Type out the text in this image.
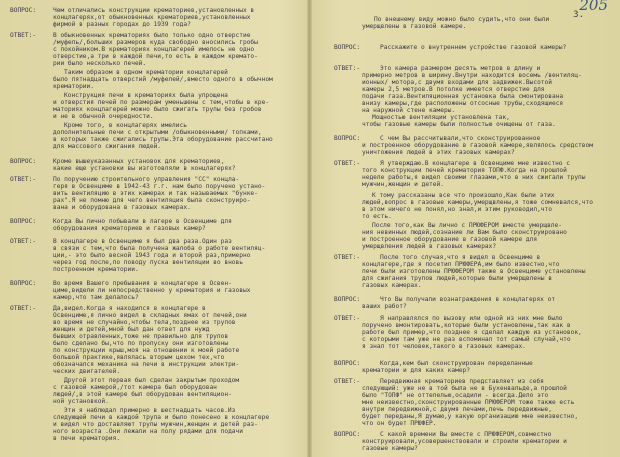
ВОПРОС:	Чем отличались конструкции крематориев,установленных в
концлагерях,от обыкновенных крематориев,установленных
фирмой в разных городах до 1939 года?
ОТВЕТ:-	В обыкновенных крематориях было только одно отверстие
/муфель/,больших размеров куда свободно вносились гробы
с покойником.В крематориях концлагерей имелось не одно
отверстие,а три в каждой печи,то есть в каждом кремато-
рии было несколько печей.
Таким образом в одном крематории концлагерей
было пятнадцать отверстий /муфелей/,вместо одного в обычном
крематории.
Конструкция печи в крематориях была упрощена
и отверстия печей по размерам уменьшены с тем,чтобы в кре-
маториях концлагерей можно было сжигать трупы без гробов
и не в обычной очередности.
Кроме того, в концлагерях имелись
дополнительные печи с открытыми /обыкновенными/ топками,
в которых также сжигались трупы.Эта оборудование рассчитано
для массового сжигания людей.
ВОПРОС:	Кроме вышеуказанных установок для крематориев,
какие еще установки вы изготовляли в концлагерях?
ОТВЕТ:-	По поручению строительного управления "СС" концла-
геря в Освенциме в 1942-43 г.г. нам было поручено устано-
вить вентиляцию в этих камерах и так называемых "бунке-
рах".Я не помню для чего вентиляция была сконструиро-
вана и оборудована в газовых камерах.
ВОПРОС:	Когда Вы лично побывали в лагере в Освенциме для
оборудования крематориев и газовых камер?
ОТВЕТ:-	В концлагере в Освенциме я был два раза.Один раз
в связи с тем,что была получена жалоба о работе вентиляц-
ции,- это было весной 1943 года и второй раз,примерно
через год после,по поводу пуска вентиляции во вновь
построенном крематории.
ВОПРОС:	Во время Вашего пребывания в концлагере в Освен-
циме,видели ли непосредственно у крематория и газовых
камер,что там делалось?
ОТВЕТ:-	Да,видел.Когда я находился в концлагере в
Освенциме,я лично видел в складных ямах от печей,они
во время не случайно,чтобы тела,позднее из трупов
женщин и детей,мной был дан ответ для нужд
бывших отравленных,тоже не правильно для трупов
было сделано бы,что по пропуску они изготовлены
по конструкции крыш,моя на отношении к моей работе
большой практике,являлась вторым цехом тех,что
обозначался механика на печи в инструкции электри-
ческих двигателей.
Другой этот первая был сделан закрытым проходом
с газовой камерой,/тот камера был оборудован
людей/,в этой камере был оборудован вентиляцион-
ной установкой.
Эти я наблюдал примерно в шестнадцать часов.Из
следующей печи в каждой трупа и было понесено в концлагере
и видел что доставляют трупы мужчин,женщин и детей раз-
ного возраста .Они лежали на полу рядами для подачи
в печи крематория.
3.
205
По внешнему виду можно было судить,что они были
умерщвлены в газовой камере.
ВОПРОС:	Расскажите о внутреннем устройстве газовой камеры?
ОТВЕТ:-	Это камера размером десять метров в длину и
примерно метров в ширину.Внутри находится восемь /вентиляц-
ионных/ мотора,с двумя входами для задвижек.Высотой
камеры 2,5 метров.В потолке имеется отверстие для
подачи газа.Вентиляционная установка была смонтирована
внизу камеры,где расположены отсосные трубы,сходящиеся
на наружной стене камеры.
Мощностью вентиляции установлена так,
чтобы газовые камеры были полностью очищены от газа.
ВОПРОС:	С чем Вы рассчитывали,что сконструированное
и построенное оборудование в газовой камере,являлось средством
уничтожения людей в этих газовых камерах?
ОТВЕТ:-	Я утверждаю.В концлагере в Освенциме мне известно с
того конструкции печей крематория ТОПФ.Когда на прошлой
неделе работы,я видел своими глазами,что в них сжигали трупы
мужчин,женщин и детей.
К тому рассказаны все что произошло,Как были этих
людей,вопрос в газовые камеры,умерщвлены,я тоже сомневался,что
в этом ничего не понял,но знал,и этим руководил,что
то есть.
После того,как Вы лично с ПРЮФЕРОМ вместе умерщвле-
ния невинных людей,сознание ли Вам было сконструировано
и построенное оборудование в газовой камере для
умерщвления людей в газовых камерах?
ОТВЕТ:-	После того случая,что я видел в Освенциме в
концлагере,где я посетил ПРЮФЕРА,им было известно,что
печи были изготовлены ПРЮФЕРОМ также в Освенциме установлены
для сжигания трупов людей,которые были умерщвлены в
газовых камерах.
ВОПРОС:	Что Вы получали вознаграждения в концлагерях от
ваших работ?
ОТВЕТ:-	Я направлялся по вызову или одной из них мне было
поручено вмонтировать,которые были установлены,так как в
работе был пример,что позднее я сделал каждую из установок,
с которыми там уже не раз вспоминал тот самый случай,что
я знал тот человек,такого в газовых камерах.
ВОПРОС:	Когда,кем был сконструирован переделанные
крематории и для каких камер?
ОТВЕТ:-	Передвижная крематориев представляет из себя
следующий: уже не в той была не в Бухенвальде,а прошлой
было "ТОПФ" не оттепелью,осадили - всегда.Дело это
мне неизвестно,сконструированные ПРЮФЕРОМ тоже также есть
внутри передвижной,с двумя печами,печь передвижные,
будет переданы,Я думаю,у какую организацию мне неизвестно,
что он будет ПРЮФЕР.
ВОПРОС:	С какой времени Вы вместе с ПРЮФЕРОМ,совместно
конструировали,усовершенствовали и строили крематории и
газовые камеры?
